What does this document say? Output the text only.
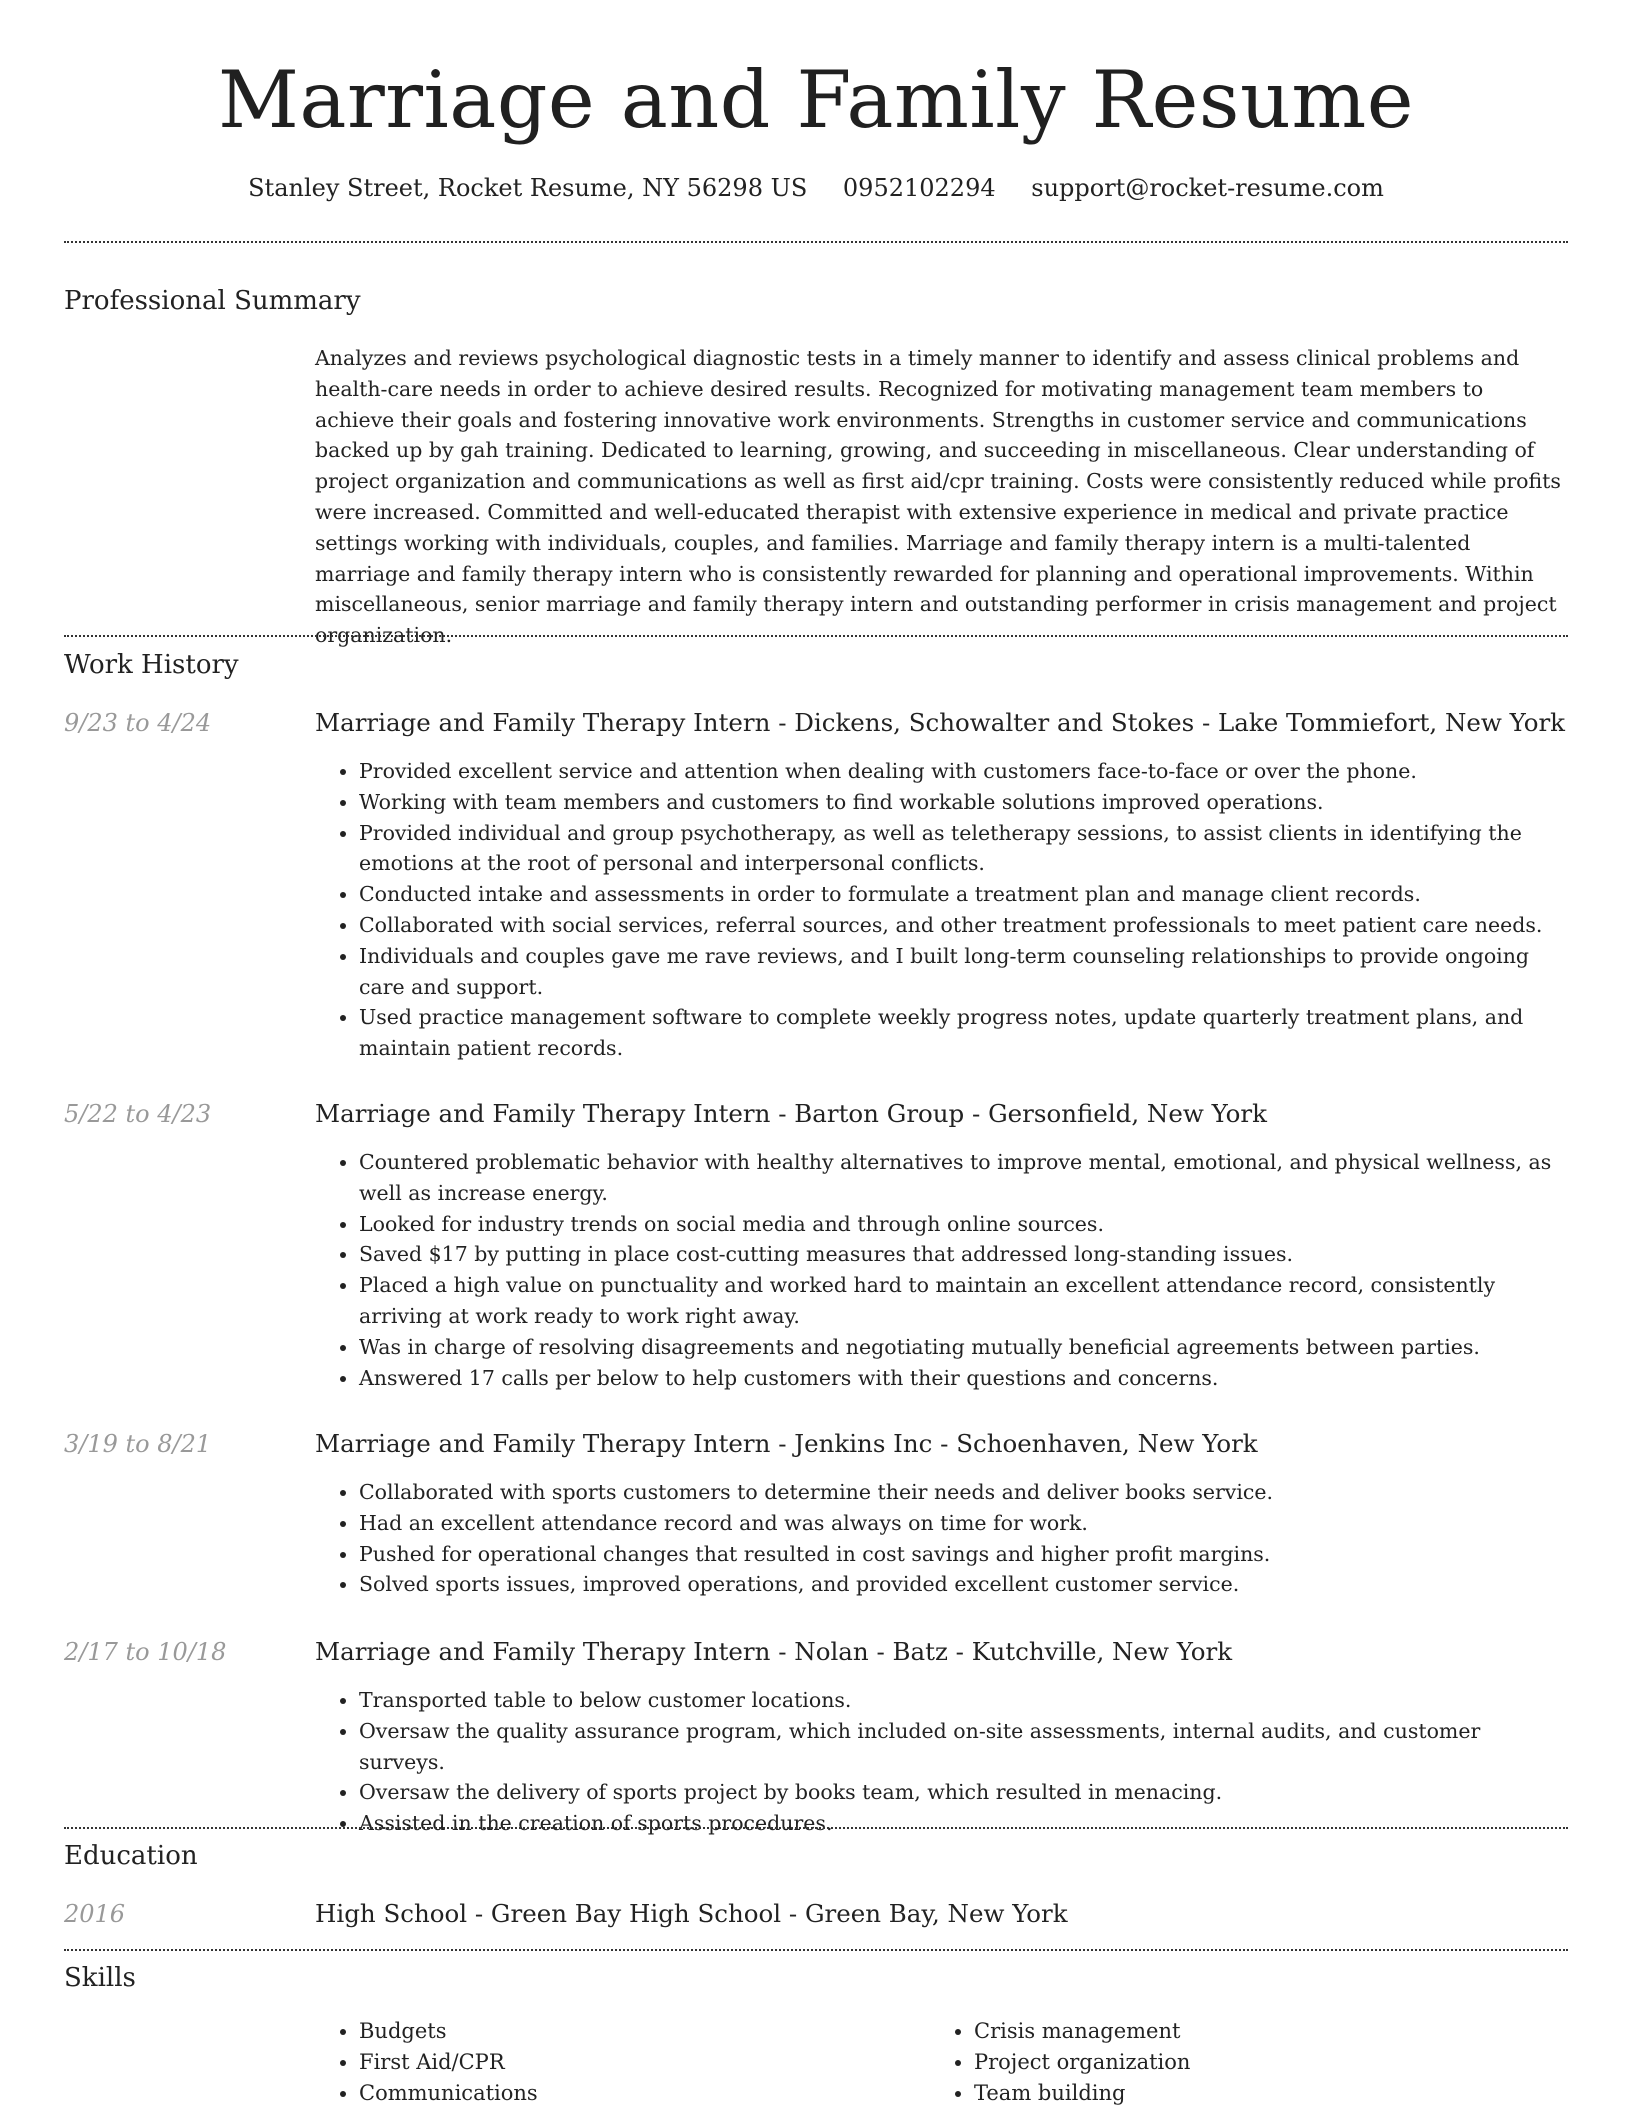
Marriage and Family Resume
Stanley Street, Rocket Resume, NY 56298 US 0952102294 support@rocket-resume.com
Professional Summary
Analyzes and reviews psychological diagnostic tests in a timely manner to identify and assess clinical problems and health-care needs in order to achieve desired results. Recognized for motivating management team members to achieve their goals and fostering innovative work environments. Strengths in customer service and communications backed up by gah training. Dedicated to learning, growing, and succeeding in miscellaneous. Clear understanding of project organization and communications as well as first aid/cpr training. Costs were consistently reduced while profits were increased. Committed and well-educated therapist with extensive experience in medical and private practice settings working with individuals, couples, and families. Marriage and family therapy intern is a multi-talented marriage and family therapy intern who is consistently rewarded for planning and operational improvements. Within miscellaneous, senior marriage and family therapy intern and outstanding performer in crisis management and project organization.
Work History
9/23 to 4/24	Marriage and Family Therapy Intern - Dickens, Schowalter and Stokes - Lake Tommiefort, New York
• Provided excellent service and attention when dealing with customers face-to-face or over the phone.
• Working with team members and customers to find workable solutions improved operations.
• Provided individual and group psychotherapy, as well as teletherapy sessions, to assist clients in identifying the emotions at the root of personal and interpersonal conflicts.
• Conducted intake and assessments in order to formulate a treatment plan and manage client records.
• Collaborated with social services, referral sources, and other treatment professionals to meet patient care needs.
• Individuals and couples gave me rave reviews, and I built long-term counseling relationships to provide ongoing care and support.
• Used practice management software to complete weekly progress notes, update quarterly treatment plans, and maintain patient records.
5/22 to 4/23	Marriage and Family Therapy Intern - Barton Group - Gersonfield, New York
• Countered problematic behavior with healthy alternatives to improve mental, emotional, and physical wellness, as well as increase energy.
• Looked for industry trends on social media and through online sources.
• Saved $17 by putting in place cost-cutting measures that addressed long-standing issues.
• Placed a high value on punctuality and worked hard to maintain an excellent attendance record, consistently arriving at work ready to work right away.
• Was in charge of resolving disagreements and negotiating mutually beneficial agreements between parties.
• Answered 17 calls per below to help customers with their questions and concerns.
3/19 to 8/21	Marriage and Family Therapy Intern - Jenkins Inc - Schoenhaven, New York
• Collaborated with sports customers to determine their needs and deliver books service.
• Had an excellent attendance record and was always on time for work.
• Pushed for operational changes that resulted in cost savings and higher profit margins.
• Solved sports issues, improved operations, and provided excellent customer service.
2/17 to 10/18	Marriage and Family Therapy Intern - Nolan - Batz - Kutchville, New York
• Transported table to below customer locations.
• Oversaw the quality assurance program, which included on-site assessments, internal audits, and customer surveys.
• Oversaw the delivery of sports project by books team, which resulted in menacing.
• Assisted in the creation of sports procedures.
Education
2016	High School - Green Bay High School - Green Bay, New York
Skills
• Budgets
• First Aid/CPR
• Communications
• Crisis management
• Project organization
• Team building
